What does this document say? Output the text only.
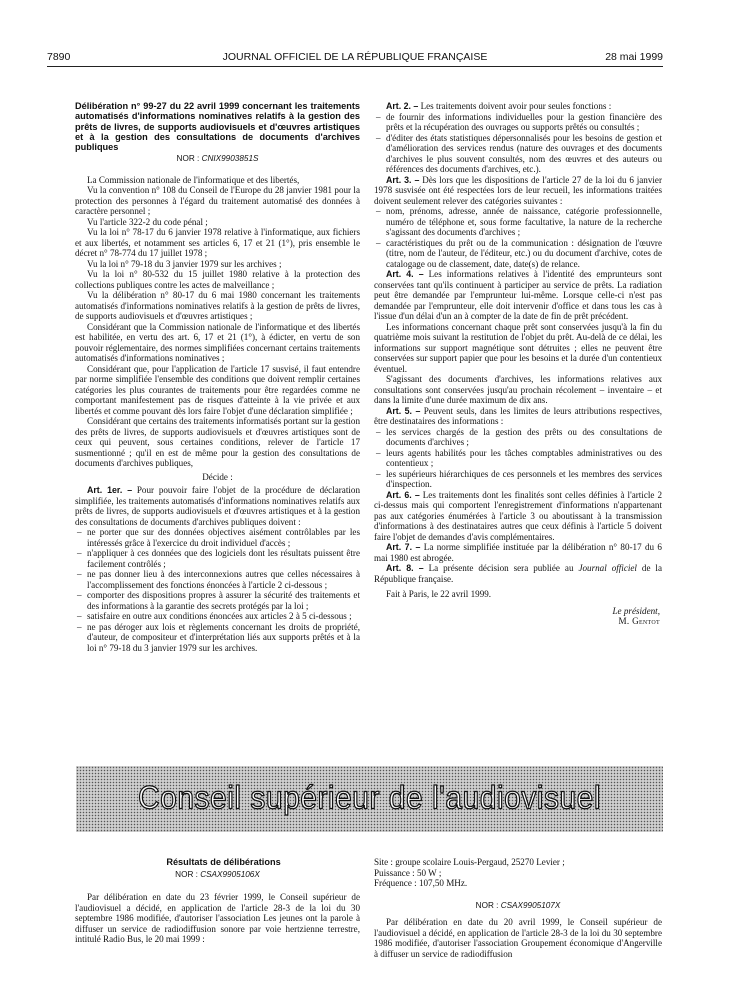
7890	JOURNAL OFFICIEL DE LA RÉPUBLIQUE FRANÇAISE	28 mai 1999

Délibération n° 99-27 du 22 avril 1999 concernant les traitements automatisés d'informations nominatives relatifs à la gestion des prêts de livres, de supports audiovisuels et d'œuvres artistiques et à la gestion des consultations de documents d'archives publiques

NOR : CNIX9903851S

La Commission nationale de l'informatique et des libertés,

Vu la convention n° 108 du Conseil de l'Europe du 28 janvier 1981 pour la protection des personnes à l'égard du traitement automatisé des données à caractère personnel ;

Vu l'article 322-2 du code pénal ;

Vu la loi n° 78-17 du 6 janvier 1978 relative à l'informatique, aux fichiers et aux libertés, et notamment ses articles 6, 17 et 21 (1°), pris ensemble le décret n° 78-774 du 17 juillet 1978 ;

Vu la loi n° 79-18 du 3 janvier 1979 sur les archives ;

Vu la loi n° 80-532 du 15 juillet 1980 relative à la protection des collections publiques contre les actes de malveillance ;

Vu la délibération n° 80-17 du 6 mai 1980 concernant les traitements automatisés d'informations nominatives relatifs à la gestion de prêts de livres, de supports audiovisuels et d'œuvres artistiques ;

Considérant que la Commission nationale de l'informatique et des libertés est habilitée, en vertu des art. 6, 17 et 21 (1°), à édicter, en vertu de son pouvoir réglementaire, des normes simplifiées concernant certains traitements automatisés d'informations nominatives ;

Considérant que, pour l'application de l'article 17 susvisé, il faut entendre par norme simplifiée l'ensemble des conditions que doivent remplir certaines catégories les plus courantes de traitements pour être regardées comme ne comportant manifestement pas de risques d'atteinte à la vie privée et aux libertés et comme pouvant dès lors faire l'objet d'une déclaration simplifiée ;

Considérant que certains des traitements informatisés portant sur la gestion des prêts de livres, de supports audiovisuels et d'œuvres artistiques sont de ceux qui peuvent, sous certaines conditions, relever de l'article 17 susmentionné ; qu'il en est de même pour la gestion des consultations de documents d'archives publiques,

Décide :

Art. 1er. – Pour pouvoir faire l'objet de la procédure de déclaration simplifiée, les traitements automatisés d'informations nominatives relatifs aux prêts de livres, de supports audiovisuels et d'œuvres artistiques et à la gestion des consultations de documents d'archives publiques doivent :

– ne porter que sur des données objectives aisément contrôlables par les intéressés grâce à l'exercice du droit individuel d'accès ;
– n'appliquer à ces données que des logiciels dont les résultats puissent être facilement contrôlés ;
– ne pas donner lieu à des interconnexions autres que celles nécessaires à l'accomplissement des fonctions énoncées à l'article 2 ci-dessous ;
– comporter des dispositions propres à assurer la sécurité des traitements et des informations à la garantie des secrets protégés par la loi ;
– satisfaire en outre aux conditions énoncées aux articles 2 à 5 ci-dessous ;
– ne pas déroger aux lois et règlements concernant les droits de propriété, d'auteur, de compositeur et d'interprétation liés aux supports prêtés et à la loi n° 79-18 du 3 janvier 1979 sur les archives.

Art. 2. – Les traitements doivent avoir pour seules fonctions :

– de fournir des informations individuelles pour la gestion financière des prêts et la récupération des ouvrages ou supports prêtés ou consultés ;
– d'éditer des états statistiques dépersonnalisés pour les besoins de gestion et d'amélioration des services rendus (nature des ouvrages et des documents d'archives le plus souvent consultés, nom des œuvres et des auteurs ou références des documents d'archives, etc.).

Art. 3. – Dès lors que les dispositions de l'article 27 de la loi du 6 janvier 1978 susvisée ont été respectées lors de leur recueil, les informations traitées doivent seulement relever des catégories suivantes :

– nom, prénoms, adresse, année de naissance, catégorie professionnelle, numéro de téléphone et, sous forme facultative, la nature de la recherche s'agissant des documents d'archives ;
– caractéristiques du prêt ou de la communication : désignation de l'œuvre (titre, nom de l'auteur, de l'éditeur, etc.) ou du document d'archive, cotes de catalogage ou de classement, date, date(s) de relance.

Art. 4. – Les informations relatives à l'identité des emprunteurs sont conservées tant qu'ils continuent à participer au service de prêts. La radiation peut être demandée par l'emprunteur lui-même. Lorsque celle-ci n'est pas demandée par l'emprunteur, elle doit intervenir d'office et dans tous les cas à l'issue d'un délai d'un an à compter de la date de fin de prêt précédent.

Les informations concernant chaque prêt sont conservées jusqu'à la fin du quatrième mois suivant la restitution de l'objet du prêt. Au-delà de ce délai, les informations sur support magnétique sont détruites ; elles ne peuvent être conservées sur support papier que pour les besoins et la durée d'un contentieux éventuel.

S'agissant des documents d'archives, les informations relatives aux consultations sont conservées jusqu'au prochain récolement – inventaire – et dans la limite d'une durée maximum de dix ans.

Art. 5. – Peuvent seuls, dans les limites de leurs attributions respectives, être destinataires des informations :

– les services chargés de la gestion des prêts ou des consultations de documents d'archives ;
– leurs agents habilités pour les tâches comptables administratives ou des contentieux ;
– les supérieurs hiérarchiques de ces personnels et les membres des services d'inspection.

Art. 6. – Les traitements dont les finalités sont celles définies à l'article 2 ci-dessus mais qui comportent l'enregistrement d'informations n'appartenant pas aux catégories énumérées à l'article 3 ou aboutissant à la transmission d'informations à des destinataires autres que ceux définis à l'article 5 doivent faire l'objet de demandes d'avis complémentaires.

Art. 7. – La norme simplifiée instituée par la délibération n° 80-17 du 6 mai 1980 est abrogée.

Art. 8. – La présente décision sera publiée au Journal officiel de la République française.

Fait à Paris, le 22 avril 1999.

Le président,

M. Gentot

Conseil supérieur de l'audiovisuel

Résultats de délibérations

NOR : CSAX9905106X

Par délibération en date du 23 février 1999, le Conseil supérieur de l'audiovisuel a décidé, en application de l'article 28-3 de la loi du 30 septembre 1986 modifiée, d'autoriser l'association Les jeunes ont la parole à diffuser un service de radiodiffusion sonore par voie hertzienne terrestre, intitulé Radio Bus, le 20 mai 1999 :

Site : groupe scolaire Louis-Pergaud, 25270 Levier ;

Puissance : 50 W ;

Fréquence : 107,50 MHz.

NOR : CSAX9905107X

Par délibération en date du 20 avril 1999, le Conseil supérieur de l'audiovisuel a décidé, en application de l'article 28-3 de la loi du 30 septembre 1986 modifiée, d'autoriser l'association Groupement économique d'Angerville à diffuser un service de radiodiffusion
